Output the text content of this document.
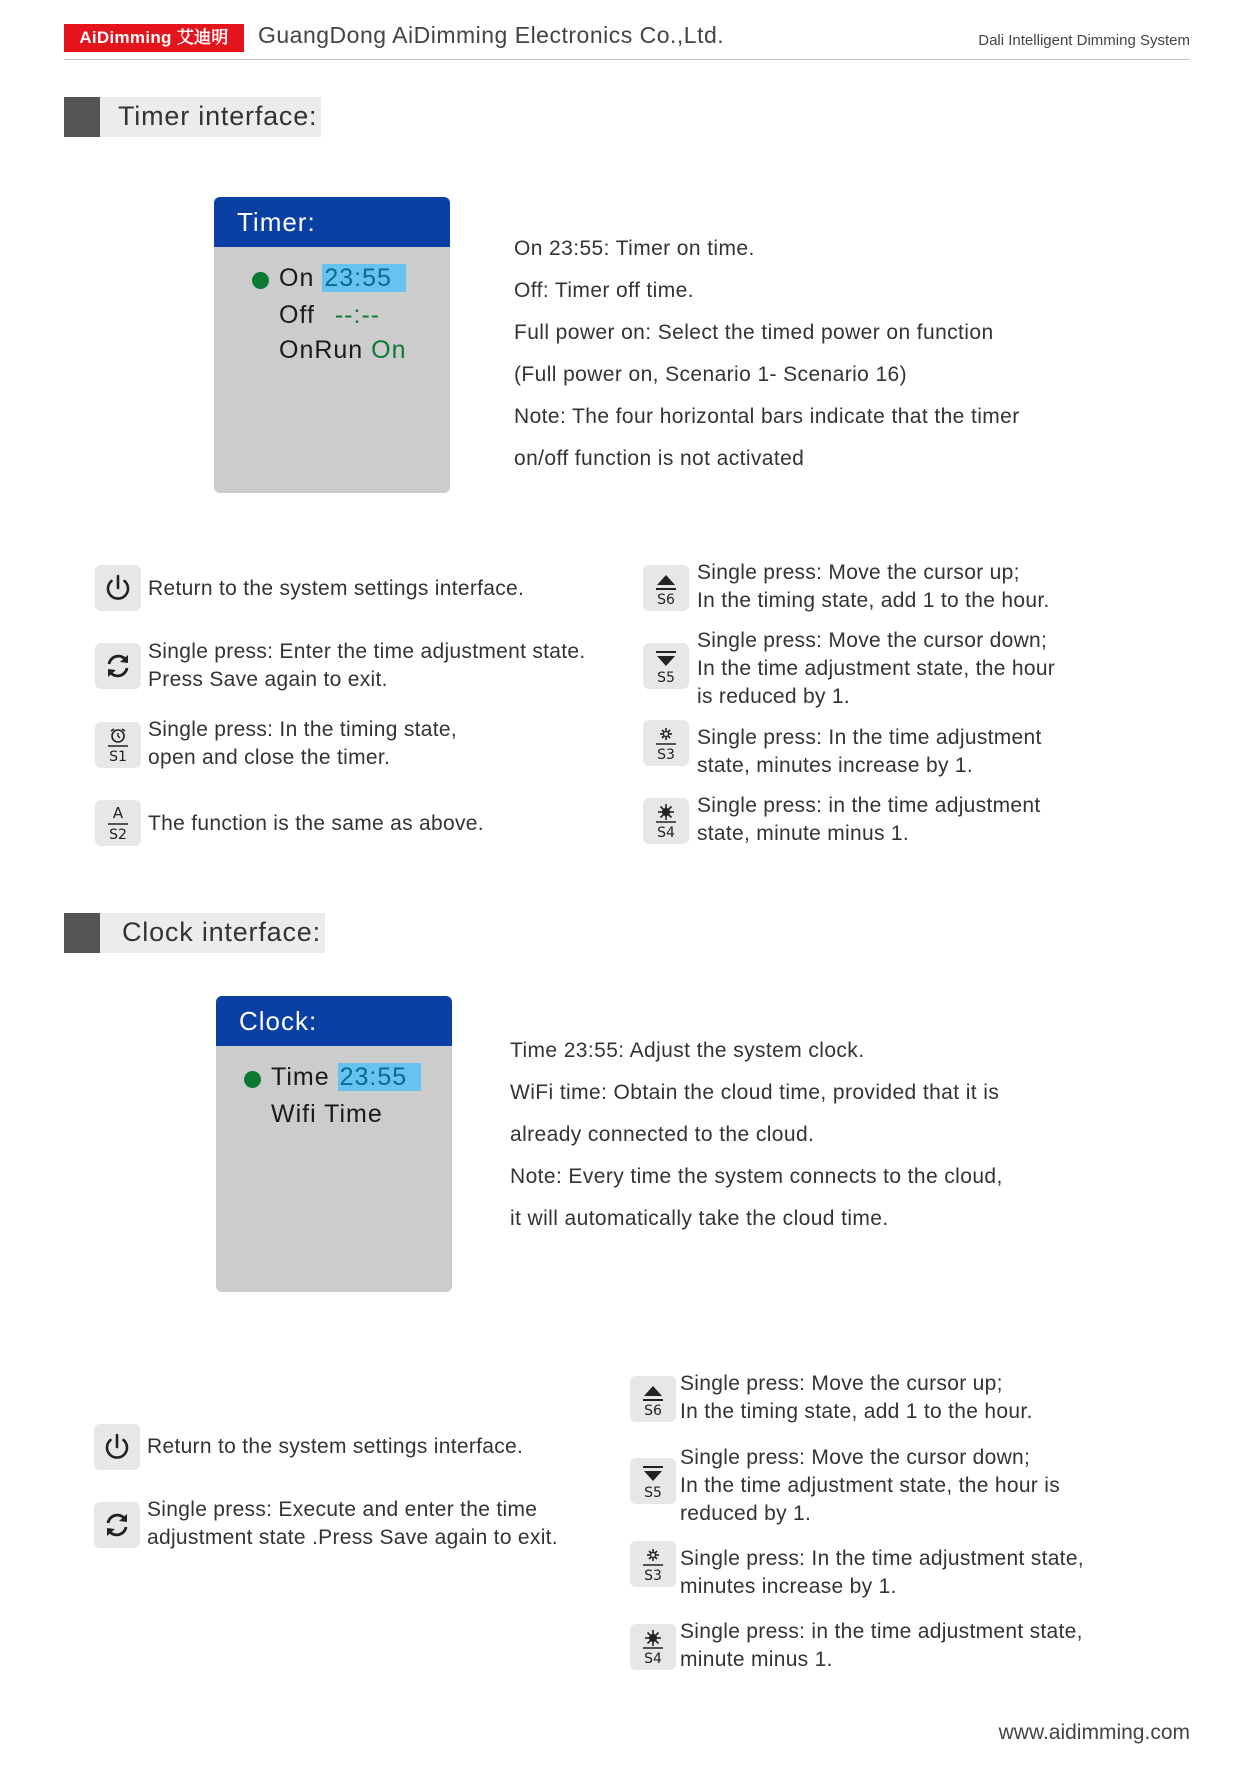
AiDimming 艾迪明	GuangDong AiDimming Electronics Co.,Ltd.	Dali Intelligent Dimming System
Timer interface:
Timer:
On 23:55
Off --:--
OnRun On
On 23:55: Timer on time.
Off: Timer off time.
Full power on: Select the timed power on function
(Full power on, Scenario 1- Scenario 16)
Note: The four horizontal bars indicate that the timer
on/off function is not activated
Return to the system settings interface.
Single press: Enter the time adjustment state.
Press Save again to exit.
S1
Single press: In the timing state,
open and close the timer.
A
S2	The function is the same as above.
S6
Single press: Move the cursor up;
In the timing state, add 1 to the hour.
S5
Single press: Move the cursor down;
In the time adjustment state, the hour
is reduced by 1.
S3
Single press: In the time adjustment
state, minutes increase by 1.
S4
Single press: in the time adjustment
state, minute minus 1.
Clock interface:
Clock:
Time 23:55
Wifi Time
Time 23:55: Adjust the system clock.
WiFi time: Obtain the cloud time, provided that it is
already connected to the cloud.
Note: Every time the system connects to the cloud,
it will automatically take the cloud time.
Return to the system settings interface.
Single press: Execute and enter the time
adjustment state .Press Save again to exit.
S6
Single press: Move the cursor up;
In the timing state, add 1 to the hour.
S5
Single press: Move the cursor down;
In the time adjustment state, the hour is
reduced by 1.
S3
Single press: In the time adjustment state,
minutes increase by 1.
S4
Single press: in the time adjustment state,
minute minus 1.
www.aidimming.com
